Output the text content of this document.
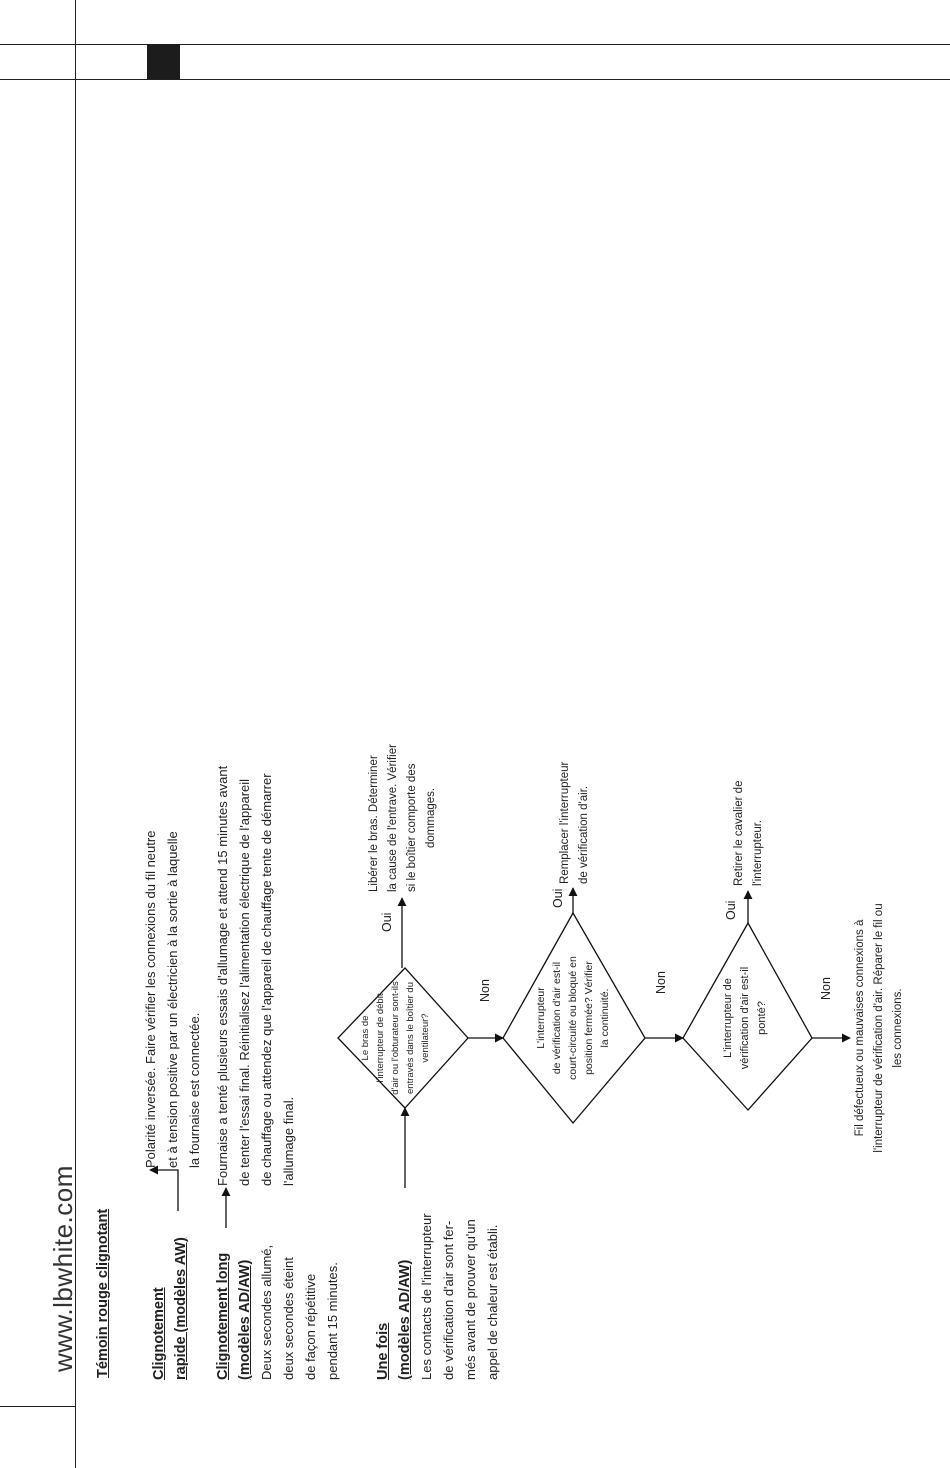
www.lbwhite.com Témoin rouge clignotant	Clignotement rapide (modèles AW)
Polarité inversée. Faire vérifier les connexions du fil neutre et à tension positive par un électricien à la sortie à laquelle la fournaise est connectée.
Clignotement long (modèles AD/AW) Deux secondes allumé, deux secondes éteint de façon répétitive pendant 15 minutes.
Fournaise a tenté plusieurs essais d'allumage et attend 15 minutes avant de tenter l'essai final. Réinitialisez l'alimentation électrique de l'appareil de chauffage ou attendez que l'appareil de chauffage tente de démarrer l'allumage final.
Une fois (modèles AD/AW) Les contacts de l'interrupteur de vérification d'air sont fer- més avant de prouver qu'un appel de chaleur est établi.
Le bras de l'interrupteur de débit d'air ou l'obturateur sont-ils entravés dans le boîtier du ventilateur?
Oui
Non
Libérer le bras. Déterminer la cause de l'entrave. Vérifier si le boîtier comporte des dommages.
L'interrupteur de vérification d'air est-il court-circuité ou bloqué en position fermée? Vérifier la continuité.
Oui
Non
Remplacer l'interrupteur de vérification d'air.
L'interrupteur de vérification d'air est-il ponté?
Oui
Non
Retirer le cavalier de l'interrupteur.
Fil défectueux ou mauvaises connexions à l'interrupteur de vérification d'air. Réparer le fil ou les connexions.
